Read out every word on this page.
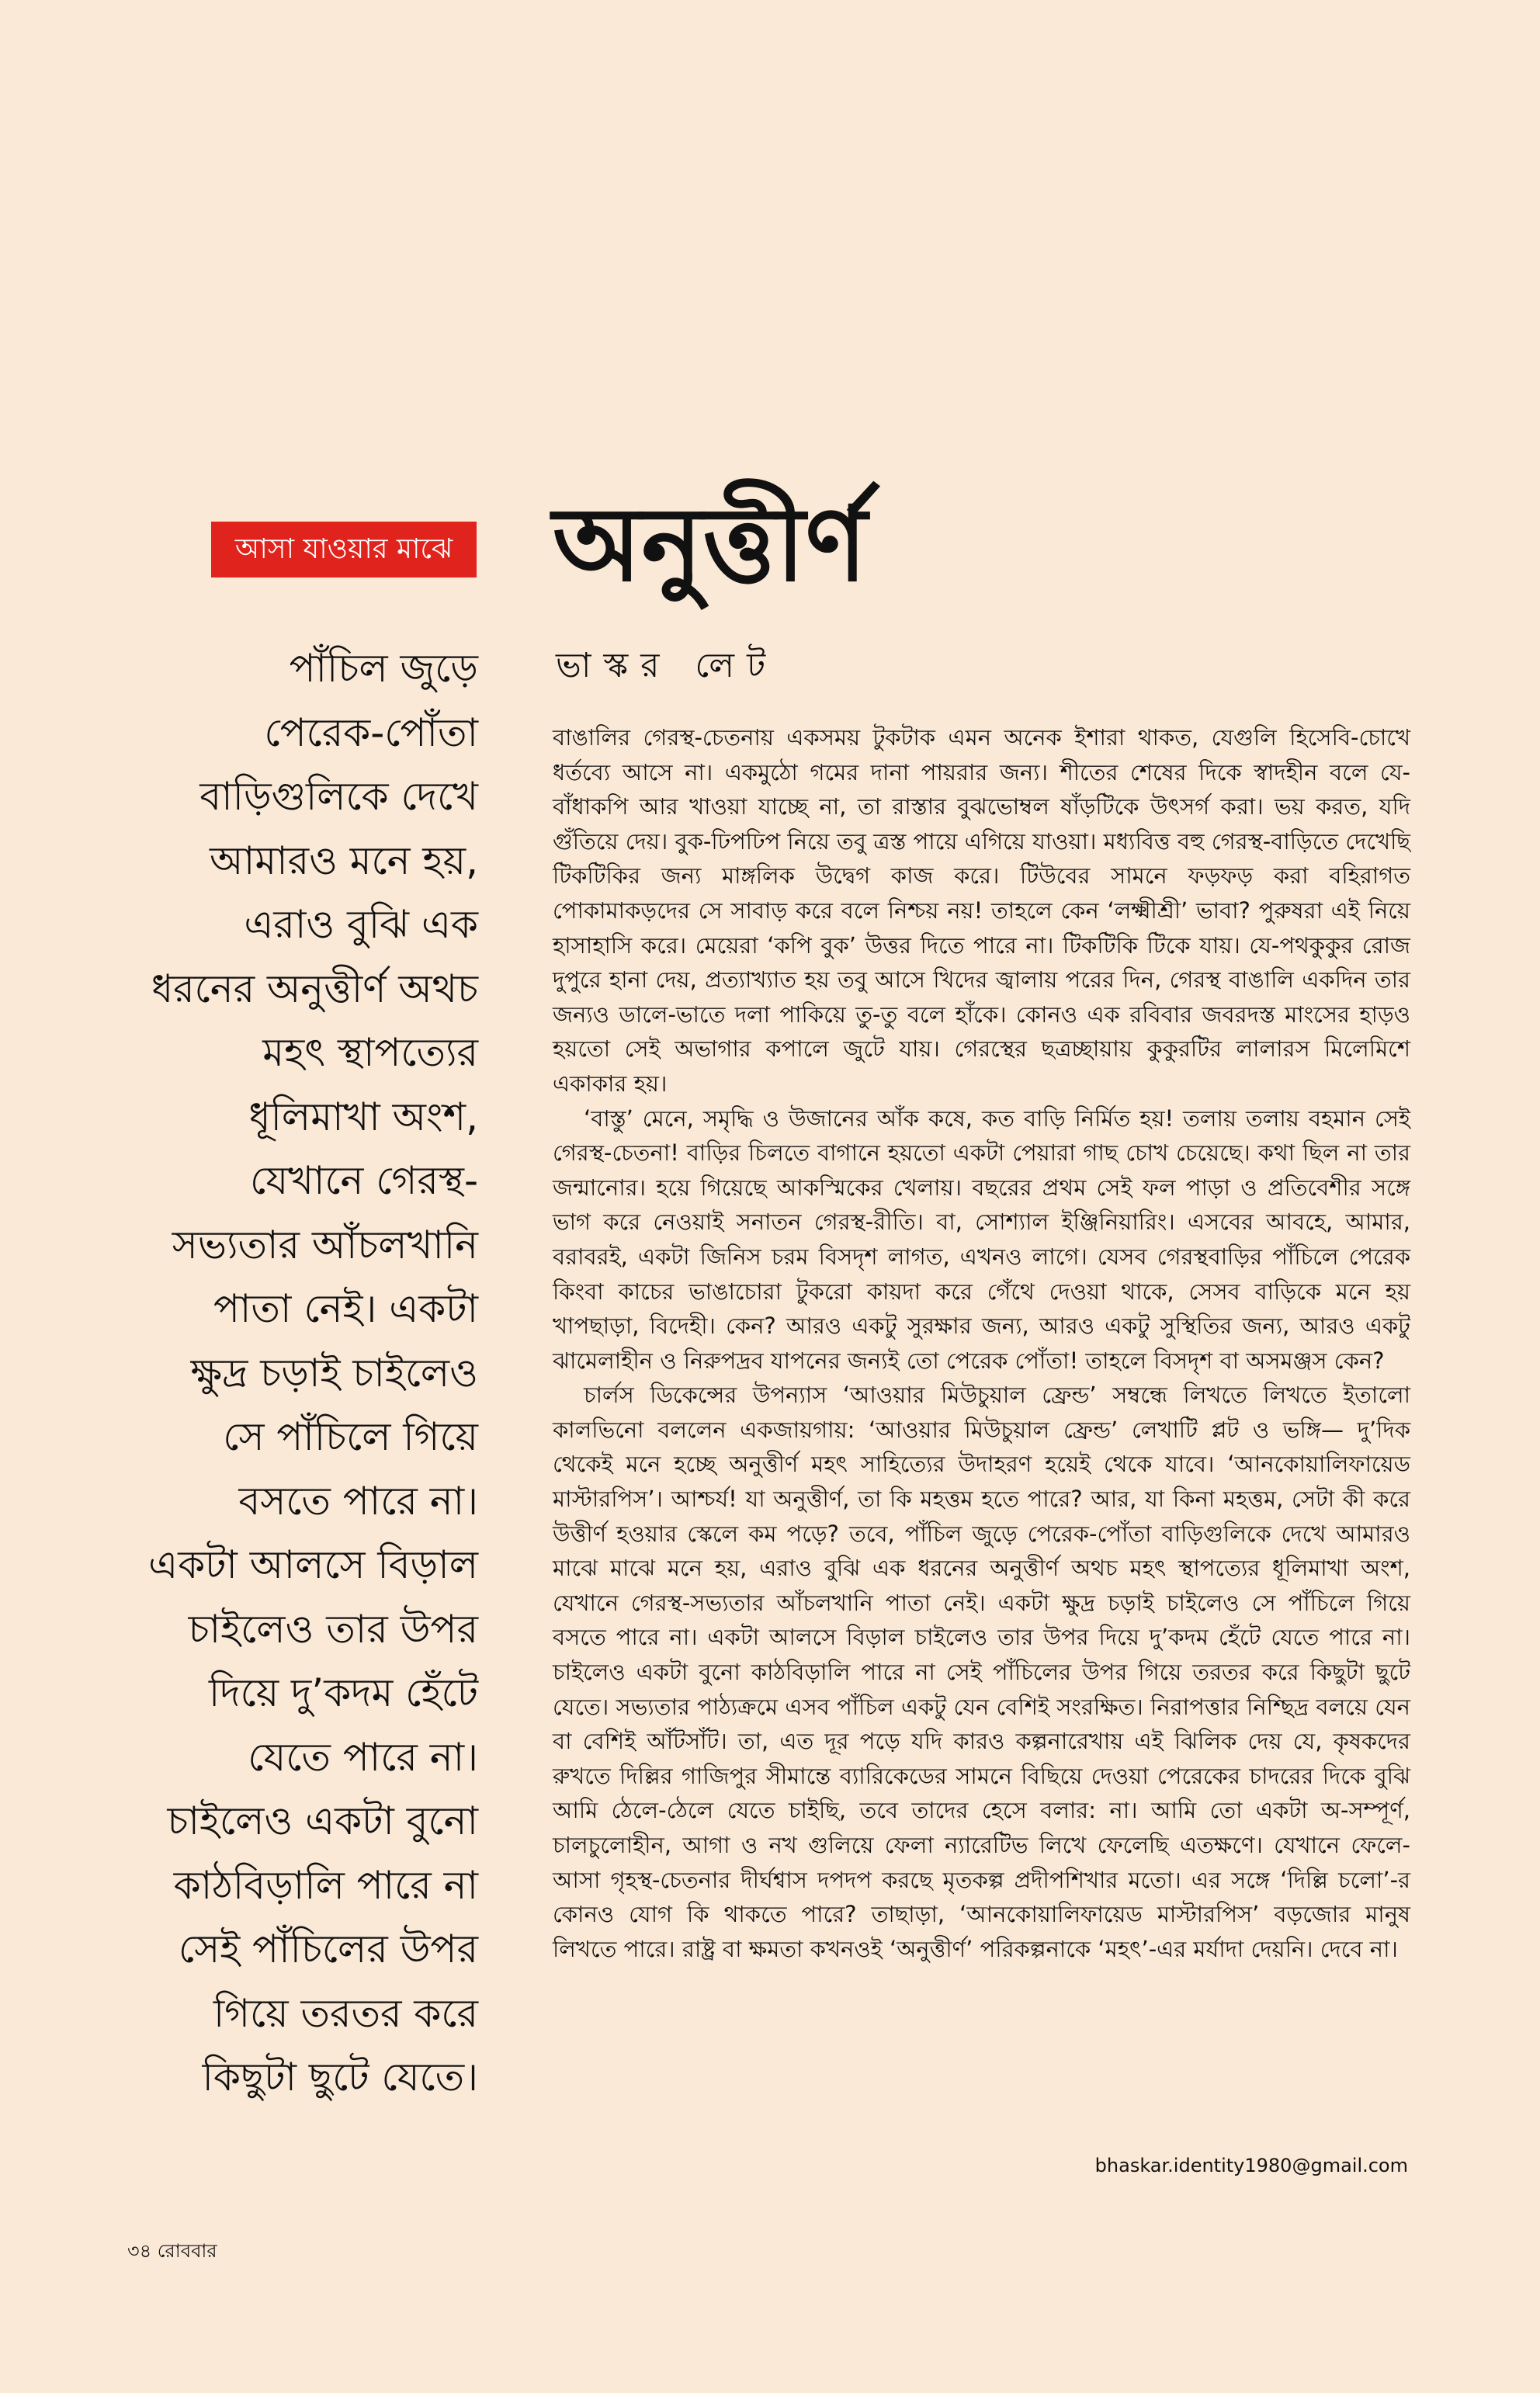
আসা যাওয়ার মাঝে অনুত্তীর্ণ
ভাস্কর লেট
পাঁচিল জুড়ে
পেরেক-পোঁতা
বাড়িগুলিকে দেখে
আমারও মনে হয়,
এরাও বুঝি এক
ধরনের অনুত্তীর্ণ অথচ
মহৎ স্থাপত্যের
ধূলিমাখা অংশ,
যেখানে গেরস্থ-
সভ্যতার আঁচলখানি
পাতা নেই। একটা
ক্ষুদ্র চড়াই চাইলেও
সে পাঁচিলে গিয়ে
বসতে পারে না।
একটা আলসে বিড়াল
চাইলেও তার উপর
দিয়ে দু’কদম হেঁটে
যেতে পারে না।
চাইলেও একটা বুনো
কাঠবিড়ালি পারে না
সেই পাঁচিলের উপর
গিয়ে তরতর করে
কিছুটা ছুটে যেতে।

বাঙালির গেরস্থ-চেতনায় একসময় টুকটাক এমন অনেক ইশারা থাকত, যেগুলি হিসেবি-চোখে ধর্তব্যে আসে না। একমুঠো গমের দানা পায়রার জন্য। শীতের শেষের দিকে স্বাদহীন বলে যে-বাঁধাকপি আর খাওয়া যাচ্ছে না, তা রাস্তার বুঝভোম্বল ষাঁড়টিকে উৎসর্গ করা। ভয় করত, যদি গুঁতিয়ে দেয়। বুক-ঢিপঢিপ নিয়ে তবু ত্রস্ত পায়ে এগিয়ে যাওয়া। মধ্যবিত্ত বহু গেরস্থ-বাড়িতে দেখেছি টিকটিকির জন্য মাঙ্গলিক উদ্বেগ কাজ করে। টিউবের সামনে ফড়ফড় করা বহিরাগত পোকামাকড়দের সে সাবাড় করে বলে নিশ্চয় নয়! তাহলে কেন ‘লক্ষ্মীশ্রী’ ভাবা? পুরুষরা এই নিয়ে হাসাহাসি করে। মেয়েরা ‘কপি বুক’ উত্তর দিতে পারে না। টিকটিকি টিকে যায়। যে-পথকুকুর রোজ দুপুরে হানা দেয়, প্রত্যাখ্যাত হয় তবু আসে খিদের জ্বালায় পরের দিন, গেরস্থ বাঙালি একদিন তার জন্যও ডালে-ভাতে দলা পাকিয়ে তু-তু বলে হাঁকে। কোনও এক রবিবার জবরদস্ত মাংসের হাড়ও হয়তো সেই অভাগার কপালে জুটে যায়। গেরস্থের ছত্রচ্ছায়ায় কুকুরটির লালারস মিলেমিশে একাকার হয়।

‘বাস্তু’ মেনে, সমৃদ্ধি ও উজানের আঁক কষে, কত বাড়ি নির্মিত হয়! তলায় তলায় বহমান সেই গেরস্থ-চেতনা! বাড়ির চিলতে বাগানে হয়তো একটা পেয়ারা গাছ চোখ চেয়েছে। কথা ছিল না তার জন্মানোর। হয়ে গিয়েছে আকস্মিকের খেলায়। বছরের প্রথম সেই ফল পাড়া ও প্রতিবেশীর সঙ্গে ভাগ করে নেওয়াই সনাতন গেরস্থ-রীতি। বা, সোশ্যাল ইঞ্জিনিয়ারিং। এসবের আবহে, আমার, বরাবরই, একটা জিনিস চরম বিসদৃশ লাগত, এখনও লাগে। যেসব গেরস্থবাড়ির পাঁচিলে পেরেক কিংবা কাচের ভাঙাচোরা টুকরো কায়দা করে গেঁথে দেওয়া থাকে, সেসব বাড়িকে মনে হয় খাপছাড়া, বিদেহী। কেন? আরও একটু সুরক্ষার জন্য, আরও একটু সুস্থিতির জন্য, আরও একটু ঝামেলাহীন ও নিরুপদ্রব যাপনের জন্যই তো পেরেক পোঁতা! তাহলে বিসদৃশ বা অসমঞ্জস কেন?

চার্লস ডিকেন্সের উপন্যাস ‘আওয়ার মিউচুয়াল ফ্রেন্ড’ সম্বন্ধে লিখতে লিখতে ইতালো কালভিনো বললেন একজায়গায়: ‘আওয়ার মিউচুয়াল ফ্রেন্ড’ লেখাটি প্লট ও ভঙ্গি— দু’দিক থেকেই মনে হচ্ছে অনুত্তীর্ণ মহৎ সাহিত্যের উদাহরণ হয়েই থেকে যাবে। ‘আনকোয়ালিফায়েড মাস্টারপিস’। আশ্চর্য! যা অনুত্তীর্ণ, তা কি মহত্তম হতে পারে? আর, যা কিনা মহত্তম, সেটা কী করে উত্তীর্ণ হওয়ার স্কেলে কম পড়ে? তবে, পাঁচিল জুড়ে পেরেক-পোঁতা বাড়িগুলিকে দেখে আমারও মাঝে মাঝে মনে হয়, এরাও বুঝি এক ধরনের অনুত্তীর্ণ অথচ মহৎ স্থাপত্যের ধূলিমাখা অংশ, যেখানে গেরস্থ-সভ্যতার আঁচলখানি পাতা নেই। একটা ক্ষুদ্র চড়াই চাইলেও সে পাঁচিলে গিয়ে বসতে পারে না। একটা আলসে বিড়াল চাইলেও তার উপর দিয়ে দু’কদম হেঁটে যেতে পারে না। চাইলেও একটা বুনো কাঠবিড়ালি পারে না সেই পাঁচিলের উপর গিয়ে তরতর করে কিছুটা ছুটে যেতে। সভ্যতার পাঠ্যক্রমে এসব পাঁচিল একটু যেন বেশিই সংরক্ষিত। নিরাপত্তার নিশ্ছিদ্র বলয়ে যেন বা বেশিই আঁটসাঁট। তা, এত দূর পড়ে যদি কারও কল্পনারেখায় এই ঝিলিক দেয় যে, কৃষকদের রুখতে দিল্লির গাজিপুর সীমান্তে ব্যারিকেডের সামনে বিছিয়ে দেওয়া পেরেকের চাদরের দিকে বুঝি আমি ঠেলে-ঠেলে যেতে চাইছি, তবে তাদের হেসে বলার: না। আমি তো একটা অ-সম্পূর্ণ, চালচুলোহীন, আগা ও নখ গুলিয়ে ফেলা ন্যারেটিভ লিখে ফেলেছি এতক্ষণে। যেখানে ফেলে-আসা গৃহস্থ-চেতনার দীর্ঘশ্বাস দপদপ করছে মৃতকল্প প্রদীপশিখার মতো। এর সঙ্গে ‘দিল্লি চলো’-র কোনও যোগ কি থাকতে পারে? তাছাড়া, ‘আনকোয়ালিফায়েড মাস্টারপিস’ বড়জোর মানুষ লিখতে পারে। রাষ্ট্র বা ক্ষমতা কখনওই ‘অনুত্তীর্ণ’ পরিকল্পনাকে ‘মহৎ’-এর মর্যাদা দেয়নি। দেবে না।

bhaskar.identity1980@gmail.com
৩৪ রোববার
